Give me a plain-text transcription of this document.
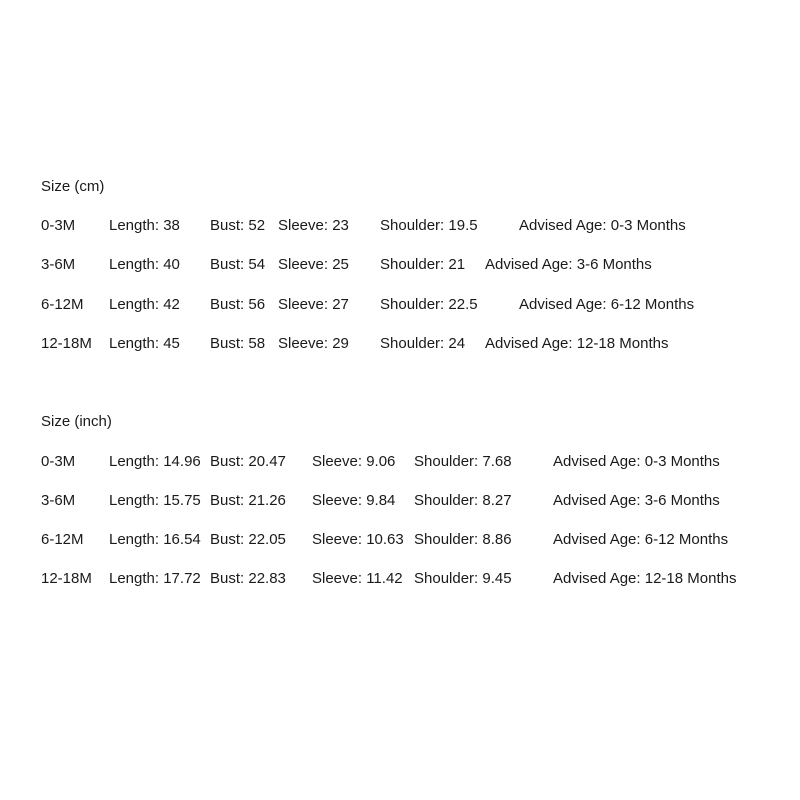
Size (cm)
0-3M Length: 38 Bust: 52 Sleeve: 23 Shoulder: 19.5	Advised Age: 0-3 Months
3-6M Length: 40 Bust: 54 Sleeve: 25 Shoulder: 21 Advised Age: 3-6 Months
6-12M Length: 42 Bust: 56 Sleeve: 27 Shoulder: 22.5	Advised Age: 6-12 Months
12-18M Length: 45 Bust: 58 Sleeve: 29 Shoulder: 24 Advised Age: 12-18 Months
Size (inch)
0-3M Length: 14.96 Bust: 20.47 Sleeve: 9.06 Shoulder: 7.68	Advised Age: 0-3 Months
3-6M Length: 15.75 Bust: 21.26 Sleeve: 9.84 Shoulder: 8.27	Advised Age: 3-6 Months
6-12M Length: 16.54 Bust: 22.05 Sleeve: 10.63 Shoulder: 8.86	Advised Age: 6-12 Months
12-18M Length: 17.72 Bust: 22.83 Sleeve: 11.42 Shoulder: 9.45	Advised Age: 12-18 Months
